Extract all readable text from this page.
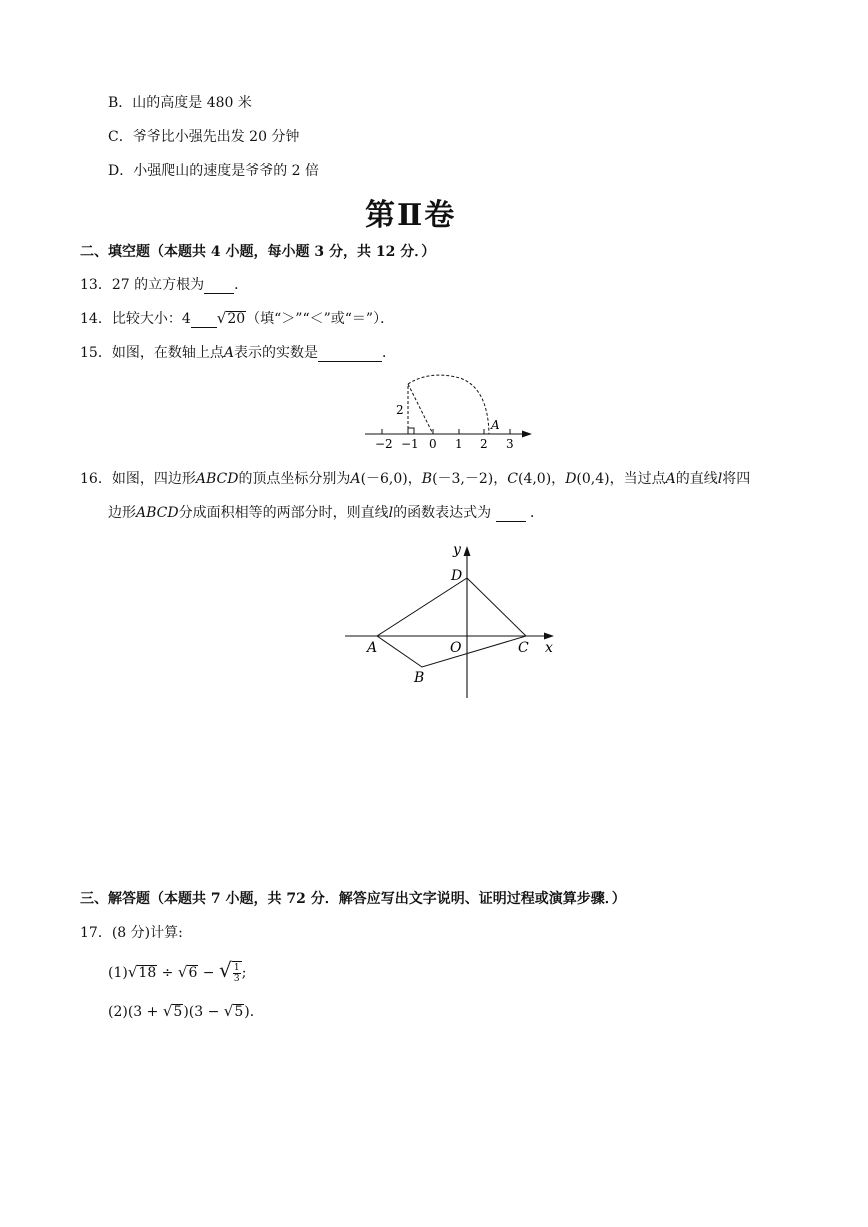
B．山的高度是 480 米
C．爷爷比小强先出发 20 分钟
D．小强爬山的速度是爷爷的 2 倍
第Ⅱ卷
二、填空题（本题共 4 小题，每小题 3 分，共 12 分．）
13．27 的立方根为 ．
14．比较大小：4 √20（填“＞”“＜”或“＝”）．
15．如图，在数轴上点A表示的实数是	．
−2 −1 0 1 2 3
2
A
16．如图，四边形ABCD的顶点坐标分别为A(－6,0)，B(－3,－2)，C(4,0)，D(0,4)，当过点A的直线l将四
边形ABCD分成面积相等的两部分时，则直线l的函数表达式为	．
y
x
D
A	O	C
B
三、解答题（本题共 7 小题，共 72 分．解答应写出文字说明、证明过程或演算步骤．）
17．(8 分)计算:
(1)√18 ÷ √6 − √ $\frac{1}{3}$ ;
(2)(3 + √5)(3 − √5)．
